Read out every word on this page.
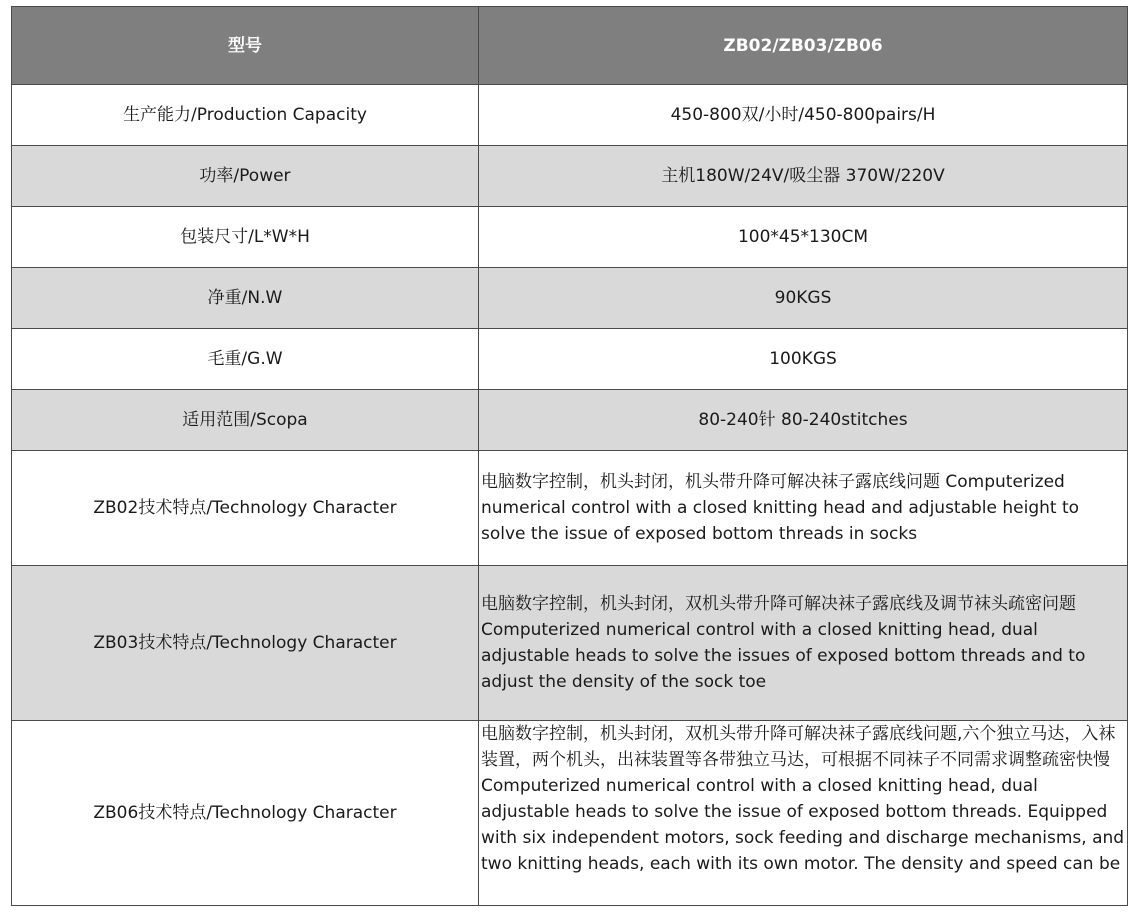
型号	ZB02/ZB03/ZB06
生产能力/Production Capacity	450-800双/小时/450-800pairs/H
功率/Power	主机180W/24V/吸尘器 370W/220V
包装尺寸/L*W*H	100*45*130CM
净重/N.W	90KGS
毛重/G.W	100KGS
适用范围/Scopa	80-240针 80-240stitches
ZB02技术特点/Technology Character	电脑数字控制，机头封闭，机头带升降可解决袜子露底线问题 Computerized numerical control with a closed knitting head and adjustable height to solve the issue of exposed bottom threads in socks
ZB03技术特点/Technology Character	电脑数字控制，机头封闭，双机头带升降可解决袜子露底线及调节袜头疏密问题
Computerized numerical control with a closed knitting head, dual adjustable heads to solve the issues of exposed bottom threads and to adjust the density of the sock toe

ZB06技术特点/Technology Character	电脑数字控制，机头封闭，双机头带升降可解决袜子露底线问题,六个独立马达，入袜装置，两个机头，出袜装置等各带独立马达，可根据不同袜子不同需求调整疏密快慢

Computerized numerical control with a closed knitting head, dual adjustable heads to solve the issue of exposed bottom threads. Equipped with six independent motors, sock feeding and discharge mechanisms, and two knitting heads, each with its own motor. The density and speed can be
